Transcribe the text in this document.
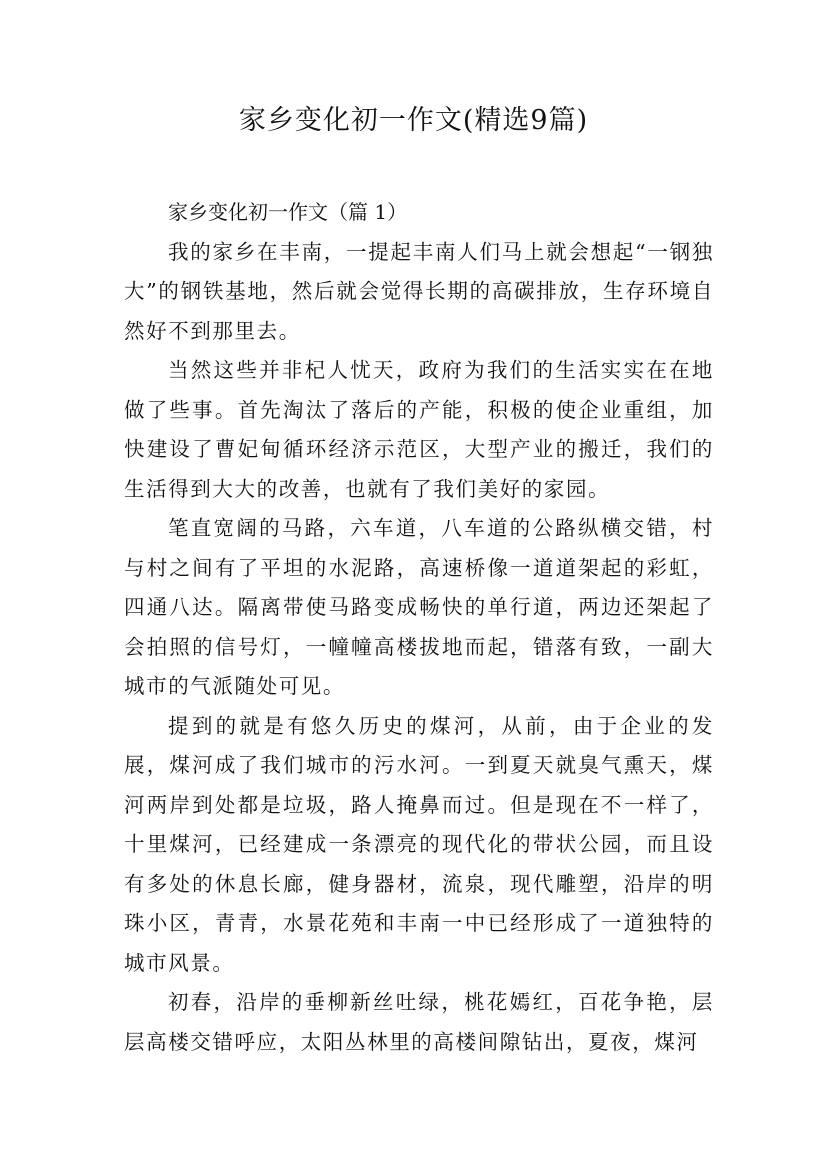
家乡变化初一作文(精选9篇)

家乡变化初一作文（篇 1）

我的家乡在丰南，一提起丰南人们马上就会想起“一钢独大”的钢铁基地，然后就会觉得长期的高碳排放，生存环境自然好不到那里去。

当然这些并非杞人忧天，政府为我们的生活实实在在地做了些事。首先淘汰了落后的产能，积极的使企业重组，加快建设了曹妃甸循环经济示范区，大型产业的搬迁，我们的生活得到大大的改善，也就有了我们美好的家园。

笔直宽阔的马路，六车道，八车道的公路纵横交错，村与村之间有了平坦的水泥路，高速桥像一道道架起的彩虹，四通八达。隔离带使马路变成畅快的单行道，两边还架起了会拍照的信号灯，一幢幢高楼拔地而起，错落有致，一副大城市的气派随处可见。

提到的就是有悠久历史的煤河，从前，由于企业的发展，煤河成了我们城市的污水河。一到夏天就臭气熏天，煤河两岸到处都是垃圾，路人掩鼻而过。但是现在不一样了，十里煤河，已经建成一条漂亮的现代化的带状公园，而且设有多处的休息长廊，健身器材，流泉，现代雕塑，沿岸的明珠小区，青青，水景花苑和丰南一中已经形成了一道独特的城市风景。

初春，沿岸的垂柳新丝吐绿，桃花嫣红，百花争艳，层层高楼交错呼应，太阳丛林里的高楼间隙钻出，夏夜，煤河
